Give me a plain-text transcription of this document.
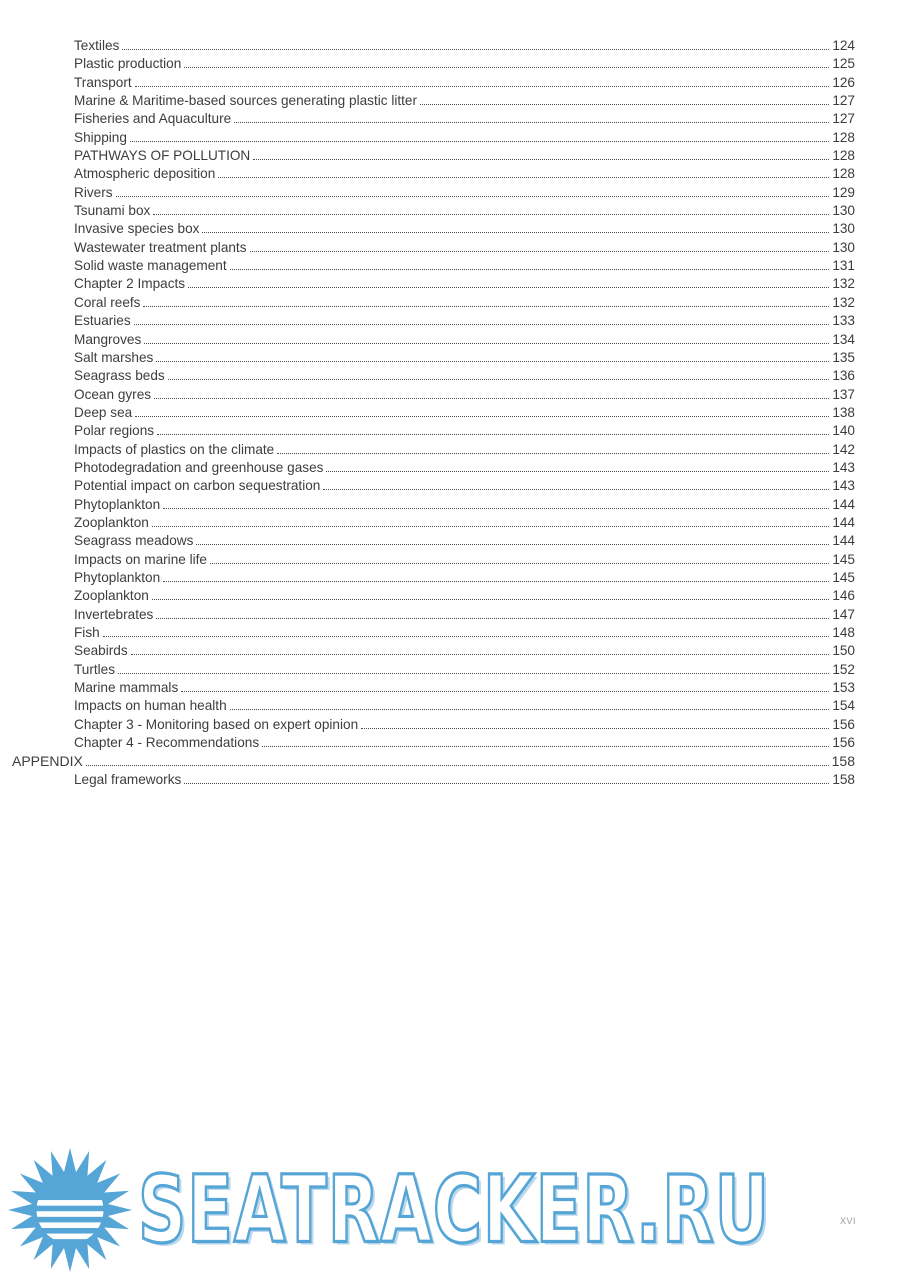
Textiles	124
Plastic production	125
Transport	126
Marine & Maritime-based sources generating plastic litter	127
Fisheries and Aquaculture	127
Shipping	128
PATHWAYS OF POLLUTION	128
Atmospheric deposition	128
Rivers	129
Tsunami box	130
Invasive species box	130
Wastewater treatment plants	130
Solid waste management	131
Chapter 2 Impacts	132
Coral reefs	132
Estuaries	133
Mangroves	134
Salt marshes	135
Seagrass beds	136
Ocean gyres	137
Deep sea	138
Polar regions	140
Impacts of plastics on the climate	142
Photodegradation and greenhouse gases	143
Potential impact on carbon sequestration	143
Phytoplankton	144
Zooplankton	144
Seagrass meadows	144
Impacts on marine life	145
Phytoplankton	145
Zooplankton	146
Invertebrates	147
Fish	148
Seabirds	150
Turtles	152
Marine mammals	153
Impacts on human health	154
Chapter 3 - Monitoring based on expert opinion	156
Chapter 4 - Recommendations	156
APPENDIX	158
Legal frameworks	158
SEATRACKER.RU	xvi
